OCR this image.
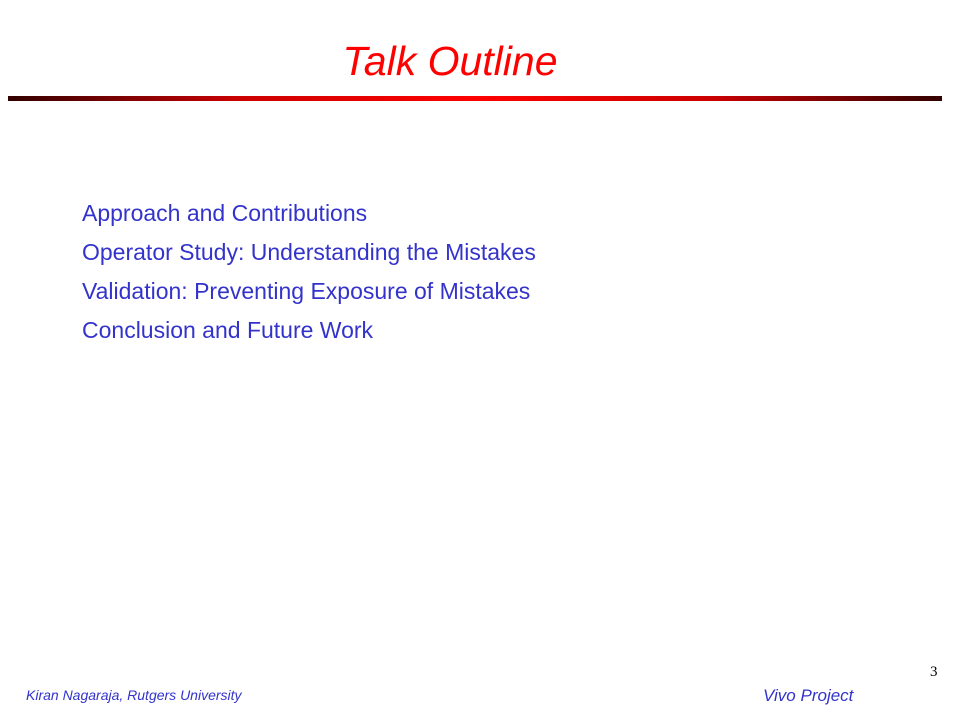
Talk Outline
Approach and Contributions
Operator Study: Understanding the Mistakes
Validation: Preventing Exposure of Mistakes
Conclusion and Future Work
Kiran Nagaraja, Rutgers University	Vivo Project
3
